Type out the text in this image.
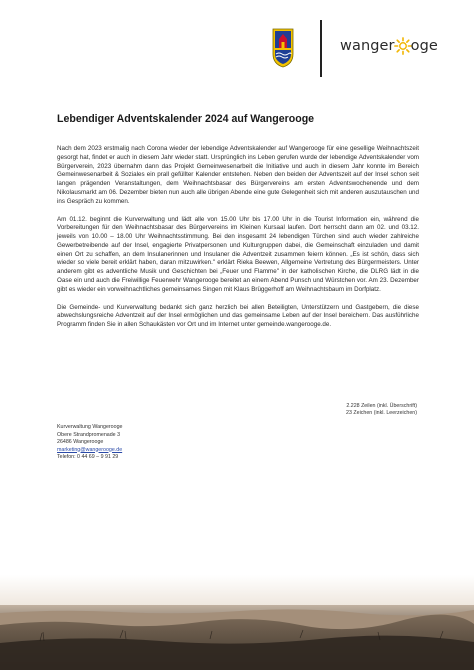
wanger oge
Lebendiger Adventskalender 2024 auf Wangerooge

Nach dem 2023 erstmalig nach Corona wieder der lebendige Adventskalender auf Wangerooge für eine gesellige Weihnachtszeit gesorgt hat, findet er auch in diesem Jahr wieder statt. Ursprünglich ins Leben gerufen wurde der lebendige Adventskalender vom Bürgerverein, 2023 übernahm dann das Projekt Gemeinwesenarbeit die Initiative und auch in diesem Jahr konnte im Bereich Gemeinwesenarbeit & Soziales ein prall gefüllter Kalender entstehen. Neben den beiden der Adventszeit auf der Insel schon seit langen prägenden Veranstaltungen, dem Weihnachtsbasar des Bürgervereins am ersten Adventswochenende und dem Nikolausmarkt am 06. Dezember bieten nun auch alle übrigen Abende eine gute Gelegenheit sich mit anderen auszutauschen und ins Gespräch zu kommen.

Am 01.12. beginnt die Kurverwaltung und lädt alle von 15.00 Uhr bis 17.00 Uhr in die Tourist Information ein, während die Vorbereitungen für den Weihnachtsbasar des Bürgervereins im Kleinen Kursaal laufen. Dort herrscht dann am 02. und 03.12. jeweils von 10.00 – 18.00 Uhr Weihnachtsstimmung. Bei den insgesamt 24 lebendigen Türchen sind auch wieder zahlreiche Gewerbetreibende auf der Insel, engagierte Privatpersonen und Kulturgruppen dabei, die Gemeinschaft einzuladen und damit einen Ort zu schaffen, an dem Insulanerinnen und Insulaner die Adventzeit zusammen feiern können. „Es ist schön, dass sich wieder so viele bereit erklärt haben, daran mitzuwirken." erklärt Rieka Beewen, Allgemeine Vertretung des Bürgermeisters. Unter anderem gibt es adventliche Musik und Geschichten bei „Feuer und Flamme" in der katholischen Kirche, die DLRG lädt in die Oase ein und auch die Freiwillige Feuerwehr Wangerooge bereitet an einem Abend Punsch und Würstchen vor. Am 23. Dezember gibt es wieder ein vorweihnachtliches gemeinsames Singen mit Klaus Brüggerhoff am Weihnachtsbaum im Dorfplatz.

Die Gemeinde- und Kurverwaltung bedankt sich ganz herzlich bei allen Beteiligten, Unterstützern und Gastgebern, die diese abwechslungsreiche Adventzeit auf der Insel ermöglichen und das gemeinsame Leben auf der Insel bereichern. Das ausführliche Programm finden Sie in allen Schaukästen vor Ort und im Internet unter gemeinde.wangerooge.de.

2.228 Zeilen (inkl. Überschrift)
23 Zeichen (inkl. Leerzeichen)
Kurverwaltung Wangerooge
Obere Strandpromenade 3
26486 Wangerooge
marketing@wangerooge.de
Telefon: 0 44 69 – 9 91 29
